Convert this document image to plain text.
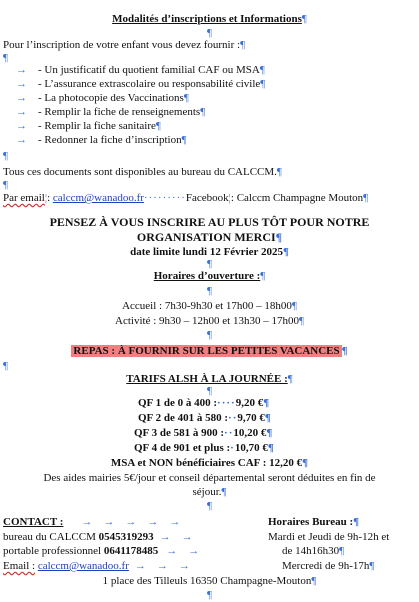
Modalités d’inscriptions et Informations¶
¶
Pour l’inscription de votre enfant vous devez fournir :¶
¶
→ - Un justificatif du quotient familial CAF ou MSA¶
→ - L’assurance extrascolaire ou responsabilité civile¶
→ - La photocopie des Vaccinations¶
→ - Remplir la fiche de renseignements¶
→ - Remplir la fiche sanitaire¶
→ - Redonner la fiche d’inscription¶
¶
Tous ces documents sont disponibles au bureau du CALCCM.¶
¶
Par email¦: calccm@wanadoo.fr·········Facebook¦: Calccm Champagne Mouton¶
PENSEZ À VOUS INSCRIRE AU PLUS TÔT POUR NOTRE
ORGANISATION MERCI¶
date limite lundi 12 Février 2025¶
¶
Horaires d’ouverture :¶
¶
Accueil : 7h30-9h30 et 17h00 – 18h00¶
Activité : 9h30 – 12h00 et 13h30 – 17h00¶
¶
REPAS : À FOURNIR SUR LES PETITES VACANCES ¶
¶
TARIFS ALSH À LA JOURNÉE :¶
¶
QF 1 de 0 à 400 :····9,20 €¶
QF 2 de 401 à 580 :··9,70 €¶
QF 3 de 581 à 900 :··10,20 €¶
QF 4 de 901 et plus :·10,70 €¶
MSA et NON bénéficiaires CAF : 12,20 €¶
Des aides mairies 5€/jour et conseil départemental seront déduites en fin de
séjour.¶
¶
CONTACT : → → → → →	Horaires Bureau :¶
bureau du CALCCM 0545319293 → →	Mardi et Jeudi de 9h-12h et
portable professionnel 0641178485 → →	de 14h16h30¶
Email : calccm@wanadoo.fr → → →	Mercredi de 9h-17h¶
1 place des Tilleuls 16350 Champagne-Mouton¶
¶
